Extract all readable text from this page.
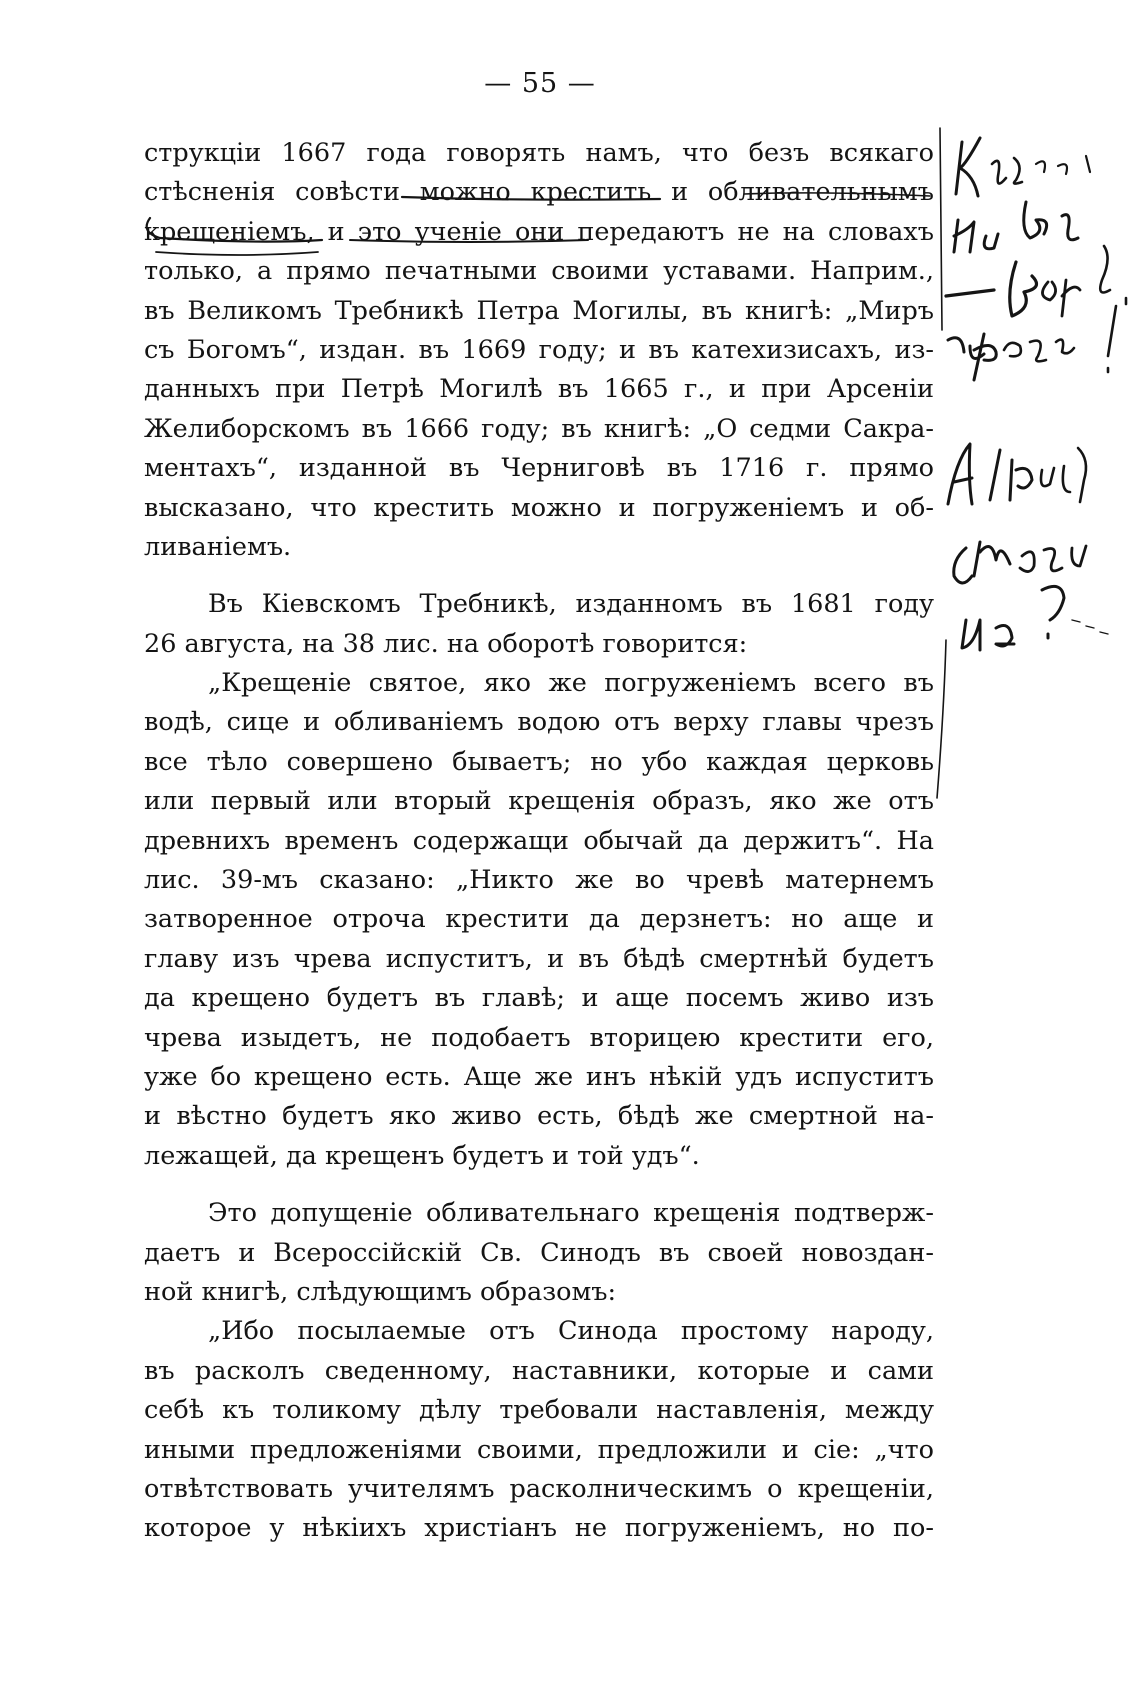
— 55 —
струкціи 1667 года говорять намъ, что безъ всякаго
стѣсненія совѣсти можно крестить и обливательнымъ
крещеніемъ, и это ученіе они передаютъ не на словахъ
только, а прямо печатными своими уставами. Наприм.,
въ Великомъ Требникѣ Петра Могилы, въ книгѣ: „Миръ
съ Богомъ“, издан. въ 1669 году; и въ катехизисахъ, из-
данныхъ при Петрѣ Могилѣ въ 1665 г., и при Арсеніи
Желиборскомъ въ 1666 году; въ книгѣ: „О седми Сакра-
ментахъ“, изданной въ Черниговѣ въ 1716 г. прямо
высказано, что крестить можно и погруженіемъ и об-
ливаніемъ.
Въ Кіевскомъ Требникѣ, изданномъ въ 1681 году
26 августа, на 38 лис. на оборотѣ говорится:
„Крещеніе святое, яко же погруженіемъ всего въ
водѣ, сице и обливаніемъ водою отъ верху главы чрезъ
все тѣло совершено бываетъ; но убо каждая церковь
или первый или вторый крещенія образъ, яко же отъ
древнихъ временъ содержащи обычай да держитъ“. На
лис. 39-мъ сказано: „Никто же во чревѣ матернемъ
затворенное отроча крестити да дерзнетъ: но аще и
главу изъ чрева испуститъ, и въ бѣдѣ смертнѣй будетъ
да крещено будетъ въ главѣ; и аще посемъ живо изъ
чрева изыдетъ, не подобаетъ вторицею крестити его,
уже бо крещено есть. Аще же инъ нѣкій удъ испуститъ
и вѣстно будетъ яко живо есть, бѣдѣ же смертной на-
лежащей, да крещенъ будетъ и той удъ“.
Это допущеніе обливательнаго крещенія подтверж-
даетъ и Всероссійскій Св. Синодъ въ своей новоздан-
ной книгѣ, слѣдующимъ образомъ:
„Ибо посылаемые отъ Синода простому народу,
въ расколъ сведенному, наставники, которые и сами
себѣ къ толикому дѣлу требовали наставленія, между
иными предложеніями своими, предложили и сіе: „что
отвѣтствовать учителямъ расколническимъ о крещеніи,
которое у нѣкіихъ христіанъ не погруженіемъ, но по-
